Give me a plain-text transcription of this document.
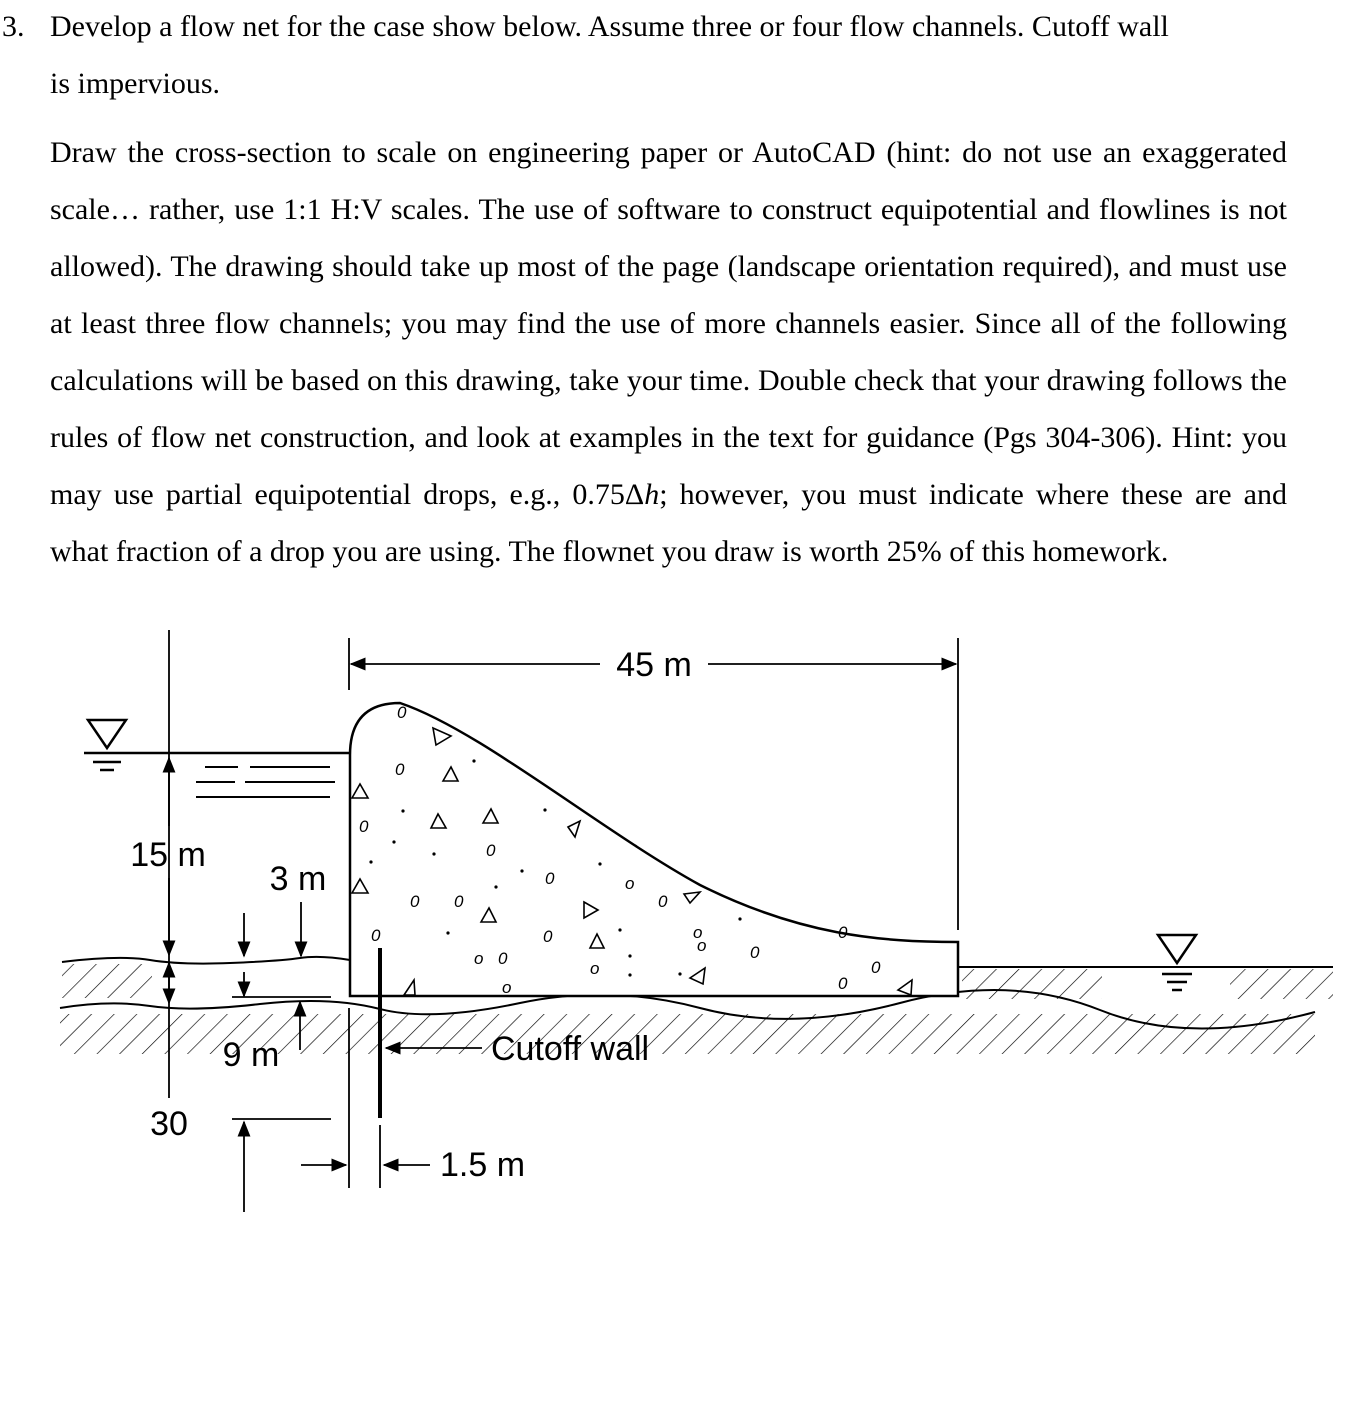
3. Develop a flow net for the case show below. Assume three or four flow channels. Cutoff wall
is impervious.

Draw the cross-section to scale on engineering paper or AutoCAD (hint: do not use an exaggerated scale… rather, use 1:1 H:V scales. The use of software to construct equipotential and flowlines is not allowed). The drawing should take up most of the page (landscape orientation required), and must use at least three flow channels; you may find the use of more channels easier. Since all of the following calculations will be based on this drawing, take your time. Double check that your drawing follows the rules of flow net construction, and look at examples in the text for guidance (Pgs 304-306). Hint: you may use partial equipotential drops, e.g., 0.75Δh; however, you must indicate where these are and what fraction of a drop you are using. The flownet you draw is worth 25% of this homework.

0
0
0
0
0
0 0
0	0
o 0
o
0
o
o	0
0
0
0
o
o
45 m
15 m
30
3 m
9 m	Cutoff wall
1.5 m
